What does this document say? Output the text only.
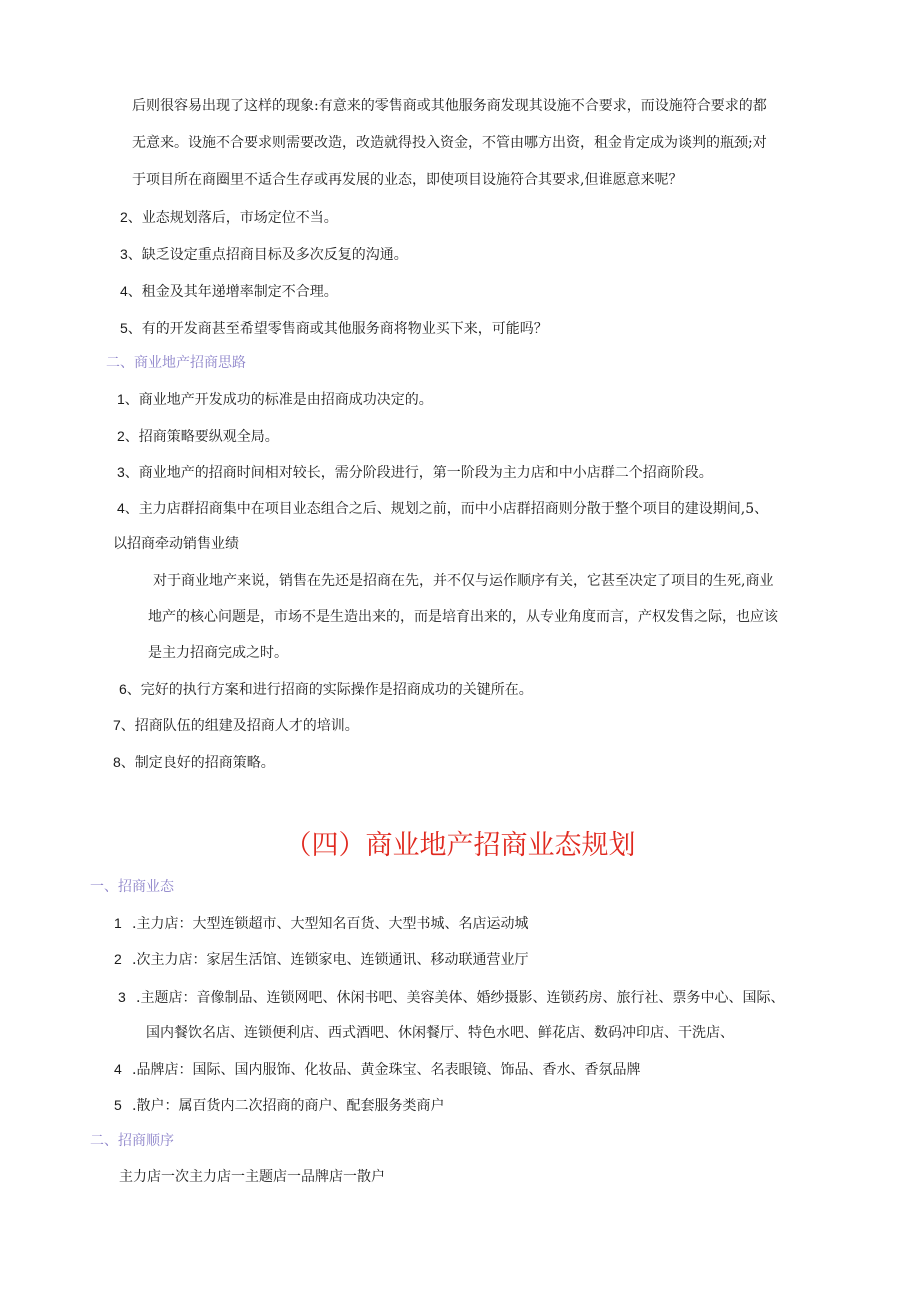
后则很容易出现了这样的现象:有意来的零售商或其他服务商发现其设施不合要求，而设施符合要求的都
无意来。设施不合要求则需要改造，改造就得投入资金，不管由哪方出资，租金肯定成为谈判的瓶颈;对
于项目所在商圈里不适合生存或再发展的业态，即使项目设施符合其要求,但谁愿意来呢？
2、业态规划落后，市场定位不当。
3、缺乏设定重点招商目标及多次反复的沟通。
4、租金及其年递增率制定不合理。
5、有的开发商甚至希望零售商或其他服务商将物业买下来，可能吗？
二、商业地产招商思路
1、商业地产开发成功的标准是由招商成功决定的。
2、招商策略要纵观全局。
3、商业地产的招商时间相对较长，需分阶段进行，第一阶段为主力店和中小店群二个招商阶段。
4、主力店群招商集中在项目业态组合之后、规划之前，而中小店群招商则分散于整个项目的建设期间,5、
以招商牵动销售业绩
对于商业地产来说，销售在先还是招商在先，并不仅与运作顺序有关，它甚至决定了项目的生死,商业
地产的核心问题是，市场不是生造出来的，而是培育出来的，从专业角度而言，产权发售之际，也应该
是主力招商完成之时。
6、完好的执行方案和进行招商的实际操作是招商成功的关键所在。
7、招商队伍的组建及招商人才的培训。
8、制定良好的招商策略。
（四）商业地产招商业态规划
一、招商业态
1 .主力店：大型连锁超市、大型知名百货、大型书城、名店运动城
2 .次主力店：家居生活馆、连锁家电、连锁通讯、移动联通营业厅
3 .主题店：音像制品、连锁网吧、休闲书吧、美容美体、婚纱摄影、连锁药房、旅行社、票务中心、国际、
国内餐饮名店、连锁便利店、西式酒吧、休闲餐厅、特色水吧、鲜花店、数码冲印店、干洗店、
4 .品牌店：国际、国内服饰、化妆品、黄金珠宝、名表眼镜、饰品、香水、香氛品牌
5 .散户：属百货内二次招商的商户、配套服务类商户
二、招商顺序
主力店一次主力店一主题店一品牌店一散户
